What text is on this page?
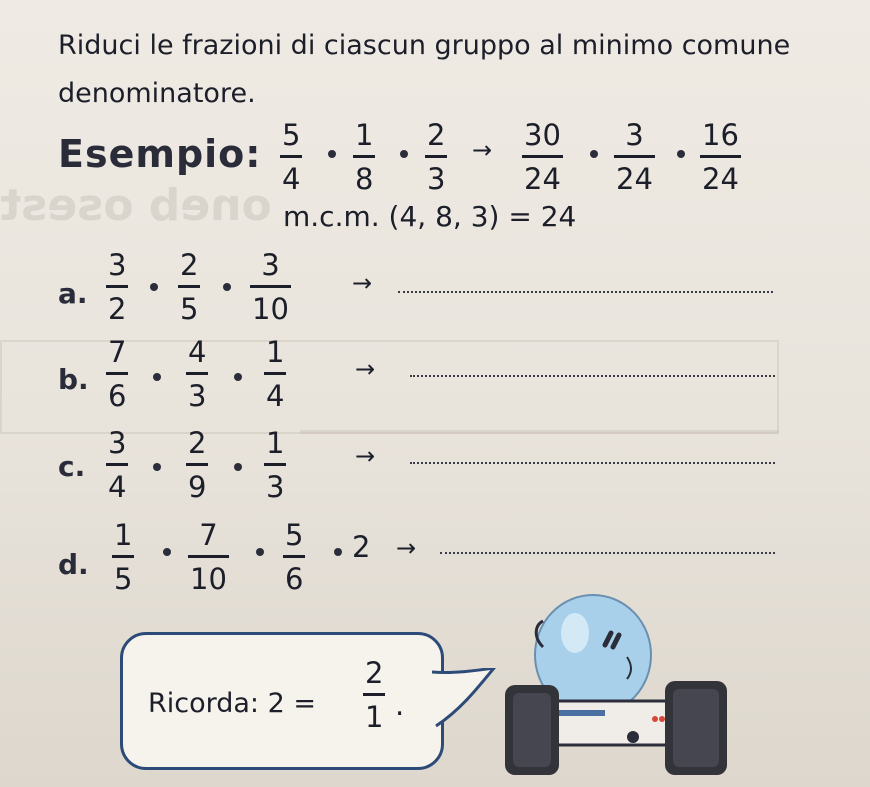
oneb osest
Riduci le frazioni di ciascun gruppo al minimo comune denominatore.
Esempio: 5
4
1
8
2
3
→ 30
24
3
24
16
24
m.c.m. (4, 8, 3) = 24
a.
3
2
2
5
3
10
→
b.
7
6
4
3
1
4
→
c.
3
4
2
9
1
3
→
d.
1
5
7
10
5
6
2 →
Ricorda: 2 =
2
1 .
